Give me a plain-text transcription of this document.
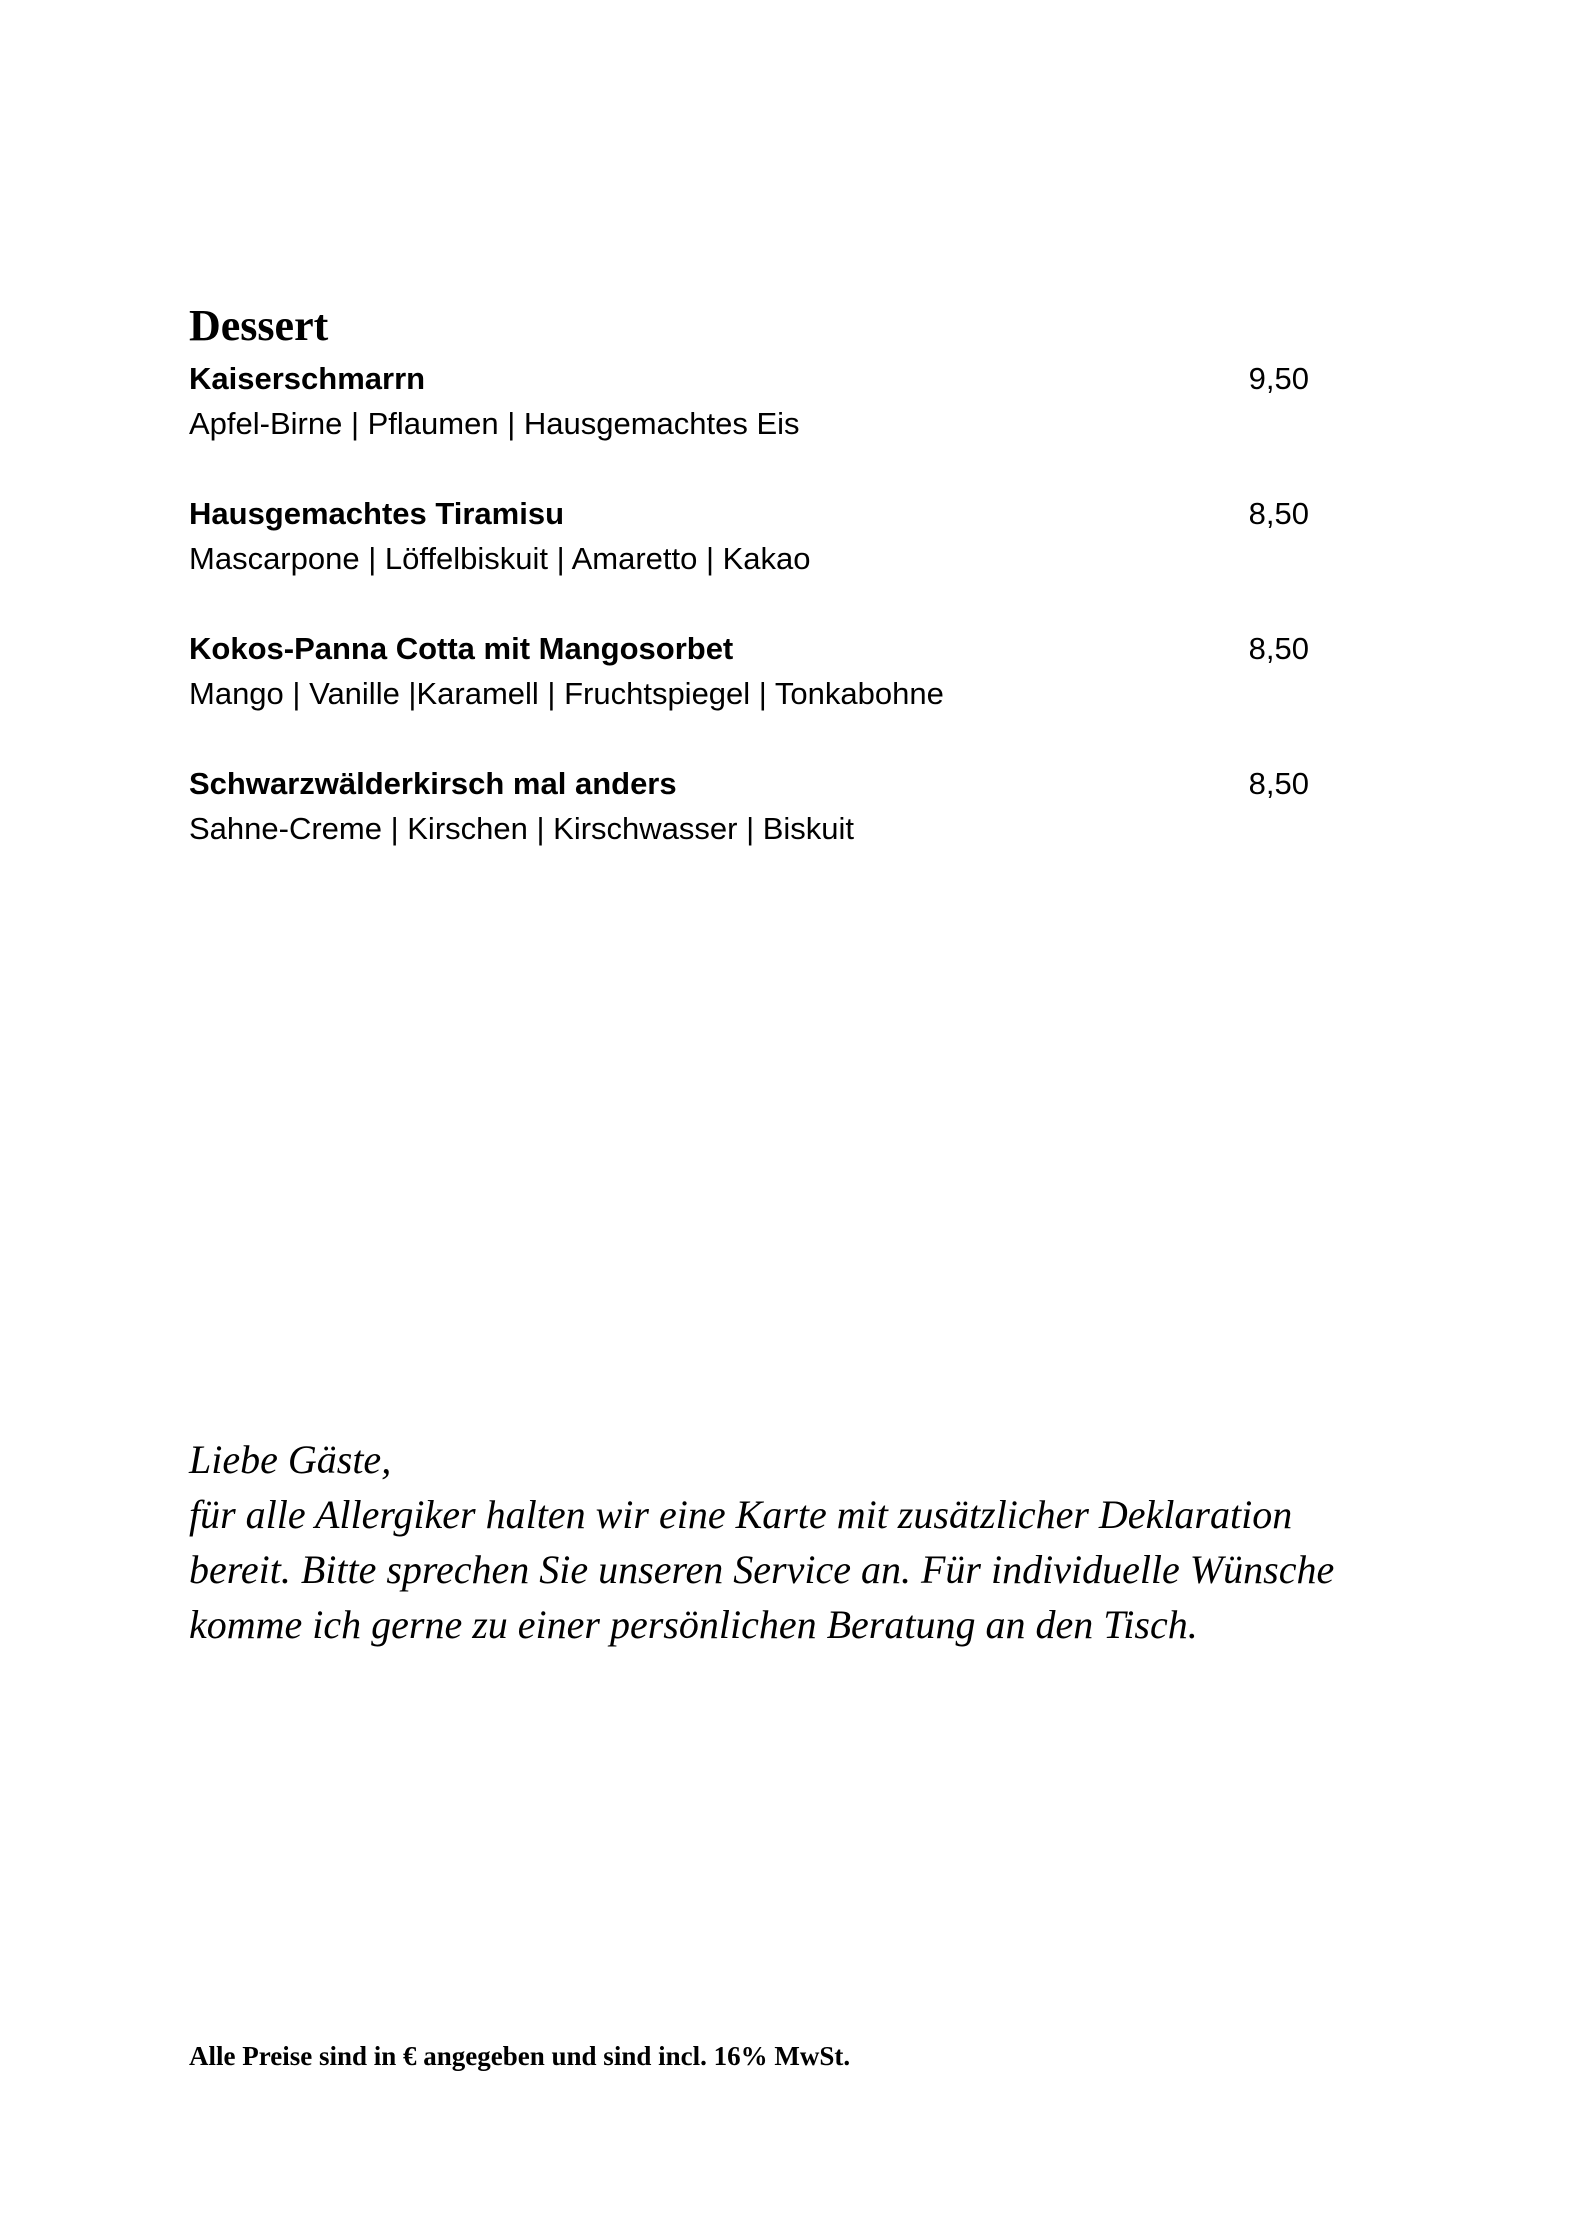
Dessert
Kaiserschmarrn	9,50
Apfel-Birne | Pflaumen | Hausgemachtes Eis
Hausgemachtes Tiramisu	8,50
Mascarpone | Löffelbiskuit | Amaretto | Kakao
Kokos-Panna Cotta mit Mangosorbet	8,50
Mango | Vanille |Karamell | Fruchtspiegel | Tonkabohne
Schwarzwälderkirsch mal anders	8,50
Sahne-Creme | Kirschen | Kirschwasser | Biskuit

Liebe Gäste,

für alle Allergiker halten wir eine Karte mit zusätzlicher Deklaration bereit. Bitte sprechen Sie unseren Service an. Für individuelle Wünsche komme ich gerne zu einer persönlichen Beratung an den Tisch.

Alle Preise sind in € angegeben und sind incl. 16% MwSt.
